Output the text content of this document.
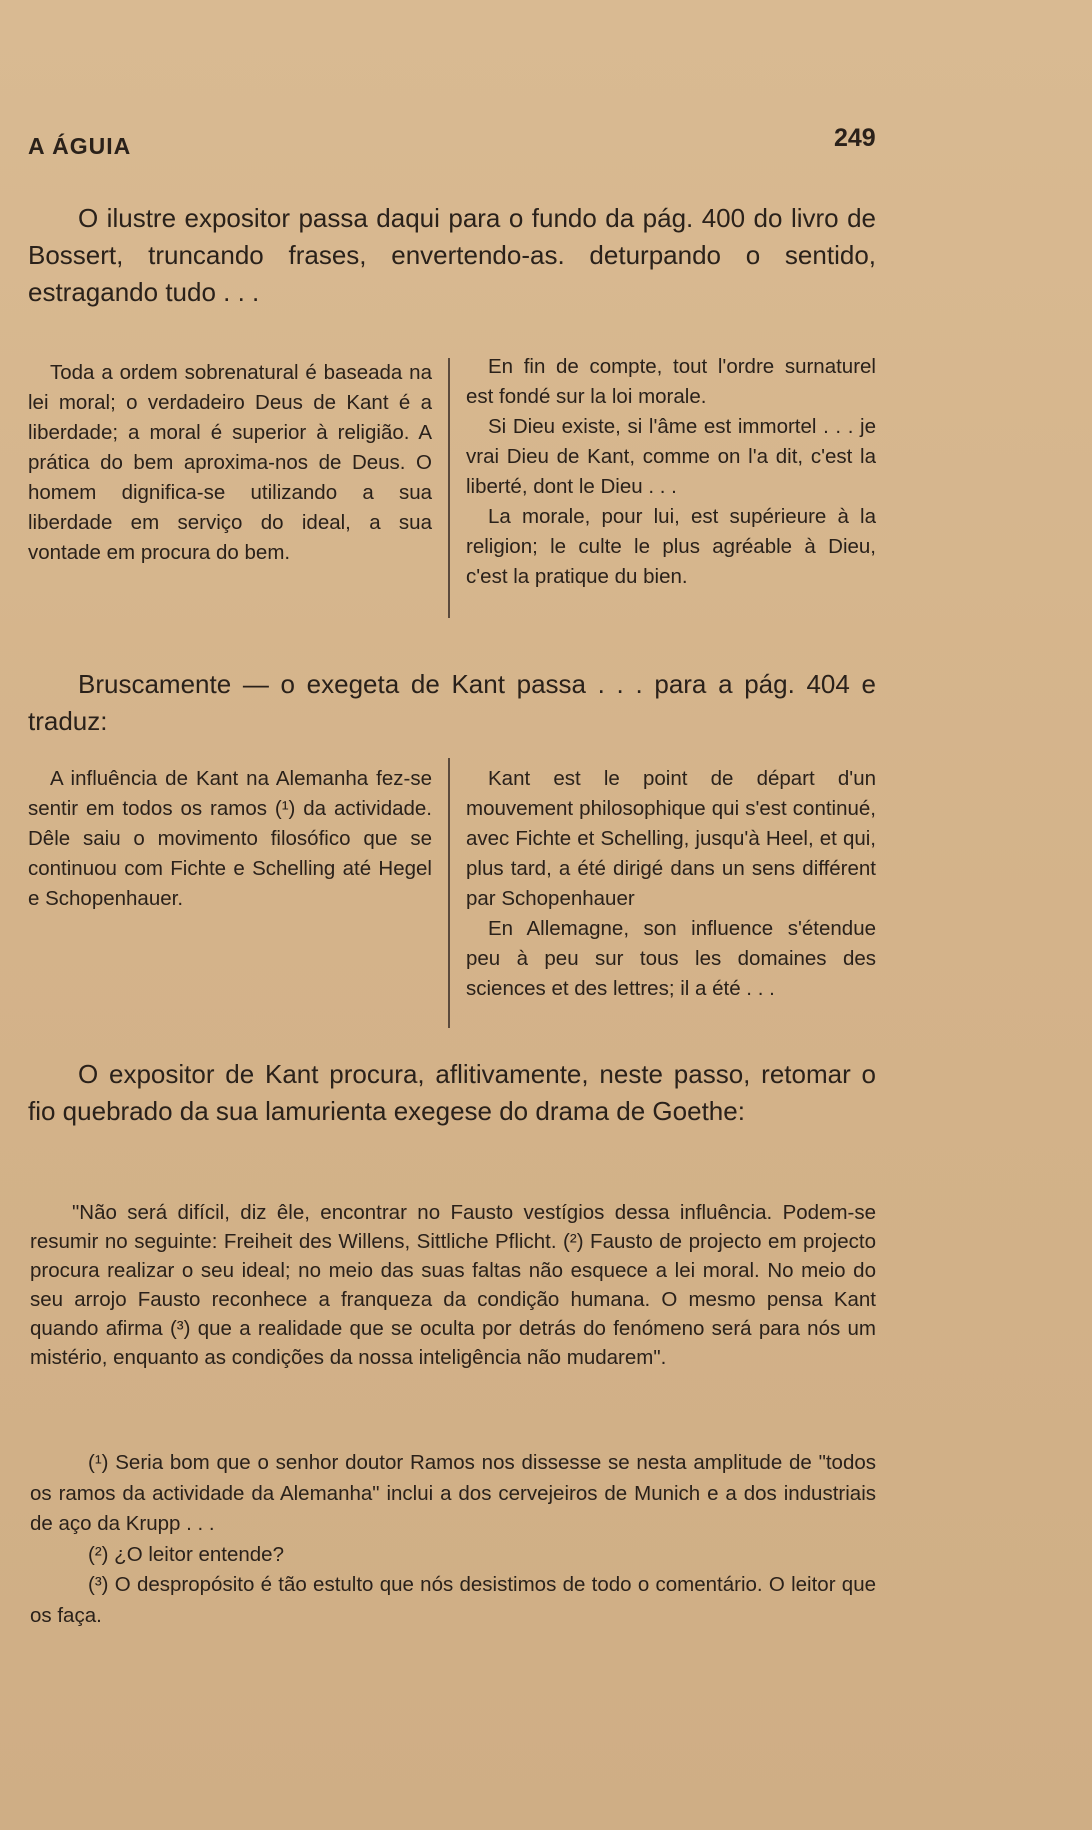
A ÁGUIA	249

O ilustre expositor passa daqui para o fundo da pág. 400 do livro de Bossert, truncando frases, envertendo-as. deturpando o sentido, estragando tudo . . .

Toda a ordem sobrenatural é baseada na lei moral; o verdadeiro Deus de Kant é a liberdade; a moral é superior à religião. A prática do bem aproxima-nos de Deus. O homem dignifica-se utilizando a sua liberdade em serviço do ideal, a sua vontade em procura do bem.

En fin de compte, tout l'ordre surnaturel est fondé sur la loi morale.

Si Dieu existe, si l'âme est immortel . . . je vrai Dieu de Kant, comme on l'a dit, c'est la liberté, dont le Dieu . . .

La morale, pour lui, est supérieure à la religion; le culte le plus agréable à Dieu, c'est la pratique du bien.

Bruscamente — o exegeta de Kant passa . . . para a pág. 404 e traduz:

A influência de Kant na Alemanha fez-se sentir em todos os ramos (¹) da actividade. Dêle saiu o movimento filosófico que se continuou com Fichte e Schelling até Hegel e Schopenhauer.

Kant est le point de départ d'un mouvement philosophique qui s'est continué, avec Fichte et Schelling, jusqu'à Heel, et qui, plus tard, a été dirigé dans un sens différent par Schopenhauer

En Allemagne, son influence s'étendue peu à peu sur tous les domaines des sciences et des lettres; il a été . . .

O expositor de Kant procura, aflitivamente, neste passo, retomar o fio quebrado da sua lamurienta exegese do drama de Goethe:

"Não será difícil, diz êle, encontrar no Fausto vestígios dessa influência. Podem-se resumir no seguinte: Freiheit des Willens, Sittliche Pflicht. (²) Fausto de projecto em projecto procura realizar o seu ideal; no meio das suas faltas não esquece a lei moral. No meio do seu arrojo Fausto reconhece a franqueza da condição humana. O mesmo pensa Kant quando afirma (³) que a realidade que se oculta por detrás do fenómeno será para nós um mistério, enquanto as condições da nossa inteligência não mudarem".

(¹) Seria bom que o senhor doutor Ramos nos dissesse se nesta amplitude de "todos os ramos da actividade da Alemanha" inclui a dos cervejeiros de Munich e a dos industriais de aço da Krupp . . .

(²) ¿O leitor entende?

(³) O despropósito é tão estulto que nós desistimos de todo o comentário. O leitor que os faça.
